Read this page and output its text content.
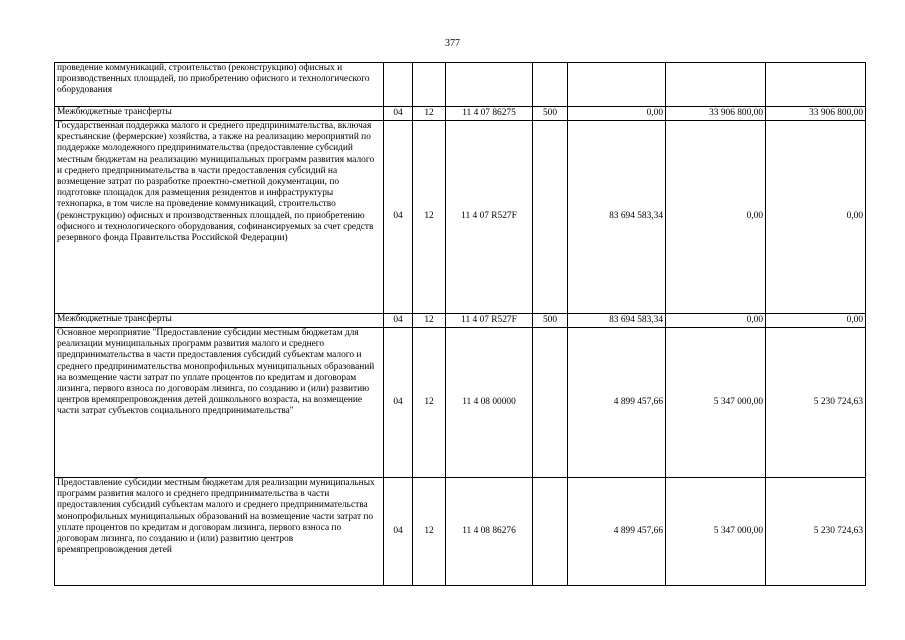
377
проведение коммуникаций, строительство (реконструкцию) офисных и производственных площадей, по приобретению офисного и технологического оборудования							
Межбюджетные трансферты	04	12	11 4 07 86275	500	0,00	33 906 800,00	33 906 800,00
Государственная поддержка малого и среднего предпринимательства, включая крестьянские (фермерские) хозяйства, а также на реализацию мероприятий по поддержке молодежного предпринимательства (предоставление субсидий местным бюджетам на реализацию муниципальных программ развития малого и среднего предпринимательства в части предоставления субсидий на возмещение затрат по разработке проектно-сметной документации, по подготовке площадок для размещения резидентов и инфраструктуры технопарка, в том числе на проведение коммуникаций, строительство (реконструкцию) офисных и производственных площадей, по приобретению офисного и технологического оборудования, софинансируемых за счет средств резервного фонда Правительства Российской Федерации)	04	12	11 4 07 R527F		83 694 583,34	0,00	0,00
Межбюджетные трансферты	04	12	11 4 07 R527F	500	83 694 583,34	0,00	0,00
Основное мероприятие "Предоставление субсидии местным бюджетам для реализации муниципальных программ развития малого и среднего предпринимательства в части предоставления субсидий субъектам малого и среднего предпринимательства монопрофильных муниципальных образований на возмещение части затрат по уплате процентов по кредитам и договорам лизинга, первого взноса по договорам лизинга, по созданию и (или) развитию центров времяпрепровождения детей дошкольного возраста, на возмещение части затрат субъектов социального предпринимательства"	04	12	11 4 08 00000		4 899 457,66	5 347 000,00	5 230 724,63
Предоставление субсидии местным бюджетам для реализации муниципальных программ развития малого и среднего предпринимательства в части предоставления субсидий субъектам малого и среднего предпринимательства монопрофильных муниципальных образований на возмещение части затрат по уплате процентов по кредитам и договорам лизинга, первого взноса по договорам лизинга, по созданию и (или) развитию центров времяпрепровождения детей	04	12	11 4 08 86276		4 899 457,66	5 347 000,00	5 230 724,63
